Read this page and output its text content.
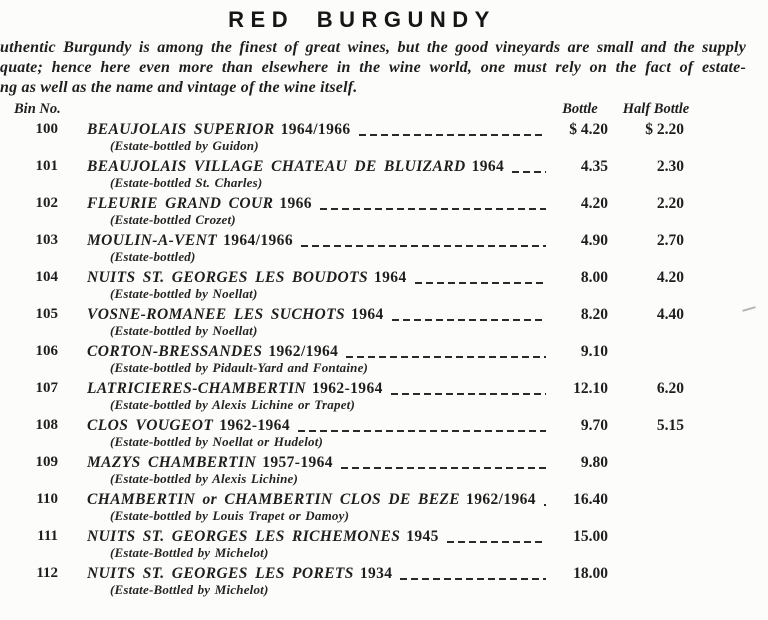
RED BURGUNDY
uthentic Burgundy is among the finest of great wines, but the good vineyards are small and the supply
quate; hence here even more than elsewhere in the wine world, one must rely on the fact of estate-
ng as well as the name and vintage of the wine itself.
Bin No.	Bottle	Half Bottle
100 BEAUJOLAIS SUPERIOR 1964/1966	$ 4.20	$ 2.20
(Estate-bottled by Guidon)
101 BEAUJOLAIS VILLAGE CHATEAU DE BLUIZARD 1964	4.35	2.30
(Estate-bottled St. Charles)
102 FLEURIE GRAND COUR 1966	4.20	2.20
(Estate-bottled Crozet)
103 MOULIN-A-VENT 1964/1966	4.90	2.70
(Estate-bottled)
104 NUITS ST. GEORGES LES BOUDOTS 1964	8.00	4.20
(Estate-bottled by Noellat)
105 VOSNE-ROMANEE LES SUCHOTS 1964	8.20	4.40
(Estate-bottled by Noellat)
106 CORTON-BRESSANDES 1962/1964	9.10
(Estate-bottled by Pidault-Yard and Fontaine)
107 LATRICIERES-CHAMBERTIN 1962-1964	12.10	6.20
(Estate-bottled by Alexis Lichine or Trapet)
108 CLOS VOUGEOT 1962-1964	9.70	5.15
(Estate-bottled by Noellat or Hudelot)
109 MAZYS CHAMBERTIN 1957-1964	9.80
(Estate-bottled by Alexis Lichine)
110 CHAMBERTIN or CHAMBERTIN CLOS DE BEZE 1962/1964	16.40
(Estate-bottled by Louis Trapet or Damoy)
111 NUITS ST. GEORGES LES RICHEMONES 1945	15.00
(Estate-Bottled by Michelot)
112 NUITS ST. GEORGES LES PORETS 1934	18.00
(Estate-Bottled by Michelot)
